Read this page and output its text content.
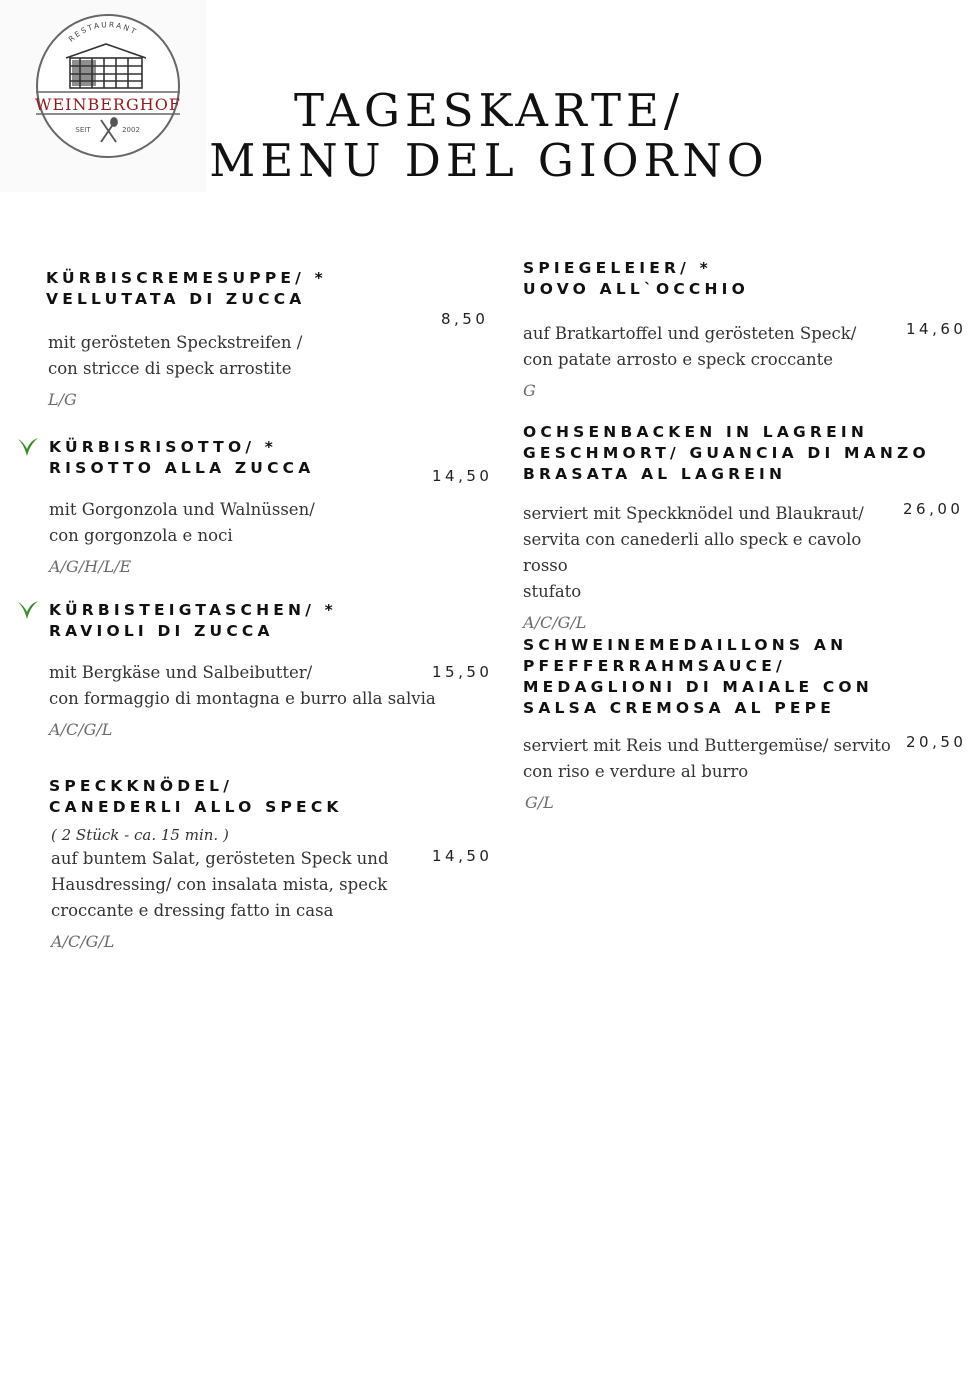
RESTAURANT
WEINBERGHOF
SEIT	2002	TAGESKARTE/
MENU DEL GIORNO
KÜRBISCREMESUPPE/ *
VELLUTATA DI ZUCCA
mit gerösteten Speckstreifen /
con stricce di speck arrostite
L/G
8,50
KÜRBISRISOTTO/ *
RISOTTO ALLA ZUCCA
mit Gorgonzola und Walnüssen/
con gorgonzola e noci
A/G/H/L/E
14,50
KÜRBISTEIGTASCHEN/ *
RAVIOLI DI ZUCCA
mit Bergkäse und Salbeibutter/
con formaggio di montagna e burro alla salvia
A/C/G/L
15,50
SPECKKNÖDEL/
CANEDERLI ALLO SPECK
( 2 Stück - ca. 15 min. )
auf buntem Salat, gerösteten Speck und
Hausdressing/ con insalata mista, speck
croccante e dressing fatto in casa
A/C/G/L
14,50
SPIEGELEIER/ *
UOVO ALL`OCCHIO
auf Bratkartoffel und gerösteten Speck/
con patate arrosto e speck croccante
G
14,60
OCHSENBACKEN IN LAGREIN
GESCHMORT/ GUANCIA DI MANZO
BRASATA AL LAGREIN
serviert mit Speckknödel und Blaukraut/
servita con canederli allo speck e cavolo rosso
stufato
A/C/G/L
26,00
SCHWEINEMEDAILLONS AN
PFEFFERRAHMSAUCE/
MEDAGLIONI DI MAIALE CON
SALSA CREMOSA AL PEPE
serviert mit Reis und Buttergemüse/ servito
con riso e verdure al burro
G/L
20,50
